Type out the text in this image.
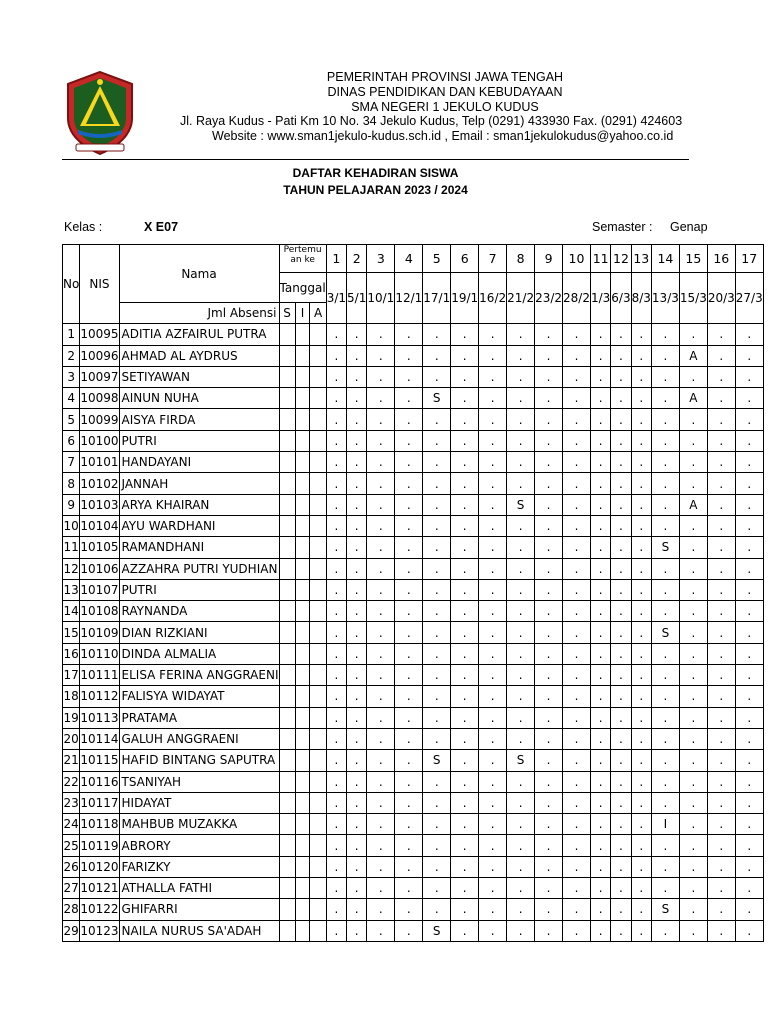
PEMERINTAH PROVINSI JAWA TENGAH
DINAS PENDIDIKAN DAN KEBUDAYAAN
SMA NEGERI 1 JEKULO KUDUS
Jl. Raya Kudus - Pati Km 10 No. 34 Jekulo Kudus, Telp (0291) 433930 Fax. (0291) 424603
Website : www.sman1jekulo-kudus.sch.id , Email : sman1jekulokudus@yahoo.co.id
Genap
DAFTAR KEHADIRAN SISWA
TAHUN PELAJARAN 2023 / 2024
Kelas :	X E07	Semaster :
No	NIS	Nama	Pertemu an ke			1	2	3	4	5	6	7	8	9	10	11	12	13	14	15	16	17
			Tanggal			3/1	5/1	10/1	12/1	17/1	19/1	16/2	21/2	23/2	28/2	1/3	6/3	8/3	13/3	15/3	20/3	27/3
		Jml Absensi	S	I	A																	
1	10095	ADITIA AZFAIRUL PUTRA				.	.	.	.	.	.	.	.	.	.	.	.	.	.	.	.	.
2	10096	AHMAD AL AYDRUS				.	.	.	.	.	.	.	.	.	.	.	.	.	.	A	.	.
3	10097	SETIYAWAN				.	.	.	.	.	.	.	.	.	.	.	.	.	.	.	.	.
4	10098	AINUN NUHA				.	.	.	.	S	.	.	.	.	.	.	.	.	.	A	.	.
5	10099	AISYA FIRDA				.	.	.	.	.	.	.	.	.	.	.	.	.	.	.	.	.
6	10100	PUTRI				.	.	.	.	.	.	.	.	.	.	.	.	.	.	.	.	.
7	10101	HANDAYANI				.	.	.	.	.	.	.	.	.	.	.	.	.	.	.	.	.
8	10102	JANNAH				.	.	.	.	.	.	.	.	.	.	.	.	.	.	.	.	.
9	10103	ARYA KHAIRAN				.	.	.	.	.	.	.	S	.	.	.	.	.	.	A	.	.
10	10104	AYU WARDHANI				.	.	.	.	.	.	.	.	.	.	.	.	.	.	.	.	.
11	10105	RAMANDHANI				.	.	.	.	.	.	.	.	.	.	.	.	.	S	.	.	.
12	10106	AZZAHRA PUTRI YUDHIAN				.	.	.	.	.	.	.	.	.	.	.	.	.	.	.	.	.
13	10107	PUTRI				.	.	.	.	.	.	.	.	.	.	.	.	.	.	.	.	.
14	10108	RAYNANDA				.	.	.	.	.	.	.	.	.	.	.	.	.	.	.	.	.
15	10109	DIAN RIZKIANI				.	.	.	.	.	.	.	.	.	.	.	.	.	S	.	.	.
16	10110	DINDA ALMALIA				.	.	.	.	.	.	.	.	.	.	.	.	.	.	.	.	.
17	10111	ELISA FERINA ANGGRAENI				.	.	.	.	.	.	.	.	.	.	.	.	.	.	.	.	.
18	10112	FALISYA WIDAYAT				.	.	.	.	.	.	.	.	.	.	.	.	.	.	.	.	.
19	10113	PRATAMA				.	.	.	.	.	.	.	.	.	.	.	.	.	.	.	.	.
20	10114	GALUH ANGGRAENI				.	.	.	.	.	.	.	.	.	.	.	.	.	.	.	.	.
21	10115	HAFID BINTANG SAPUTRA				.	.	.	.	S	.	.	S	.	.	.	.	.	.	.	.	.
22	10116	TSANIYAH				.	.	.	.	.	.	.	.	.	.	.	.	.	.	.	.	.
23	10117	HIDAYAT				.	.	.	.	.	.	.	.	.	.	.	.	.	.	.	.	.
24	10118	MAHBUB MUZAKKA				.	.	.	.	.	.	.	.	.	.	.	.	.	I	.	.	.
25	10119	ABRORY				.	.	.	.	.	.	.	.	.	.	.	.	.	.	.	.	.
26	10120	FARIZKY				.	.	.	.	.	.	.	.	.	.	.	.	.	.	.	.	.
27	10121	ATHALLA FATHI				.	.	.	.	.	.	.	.	.	.	.	.	.	.	.	.	.
28	10122	GHIFARRI				.	.	.	.	.	.	.	.	.	.	.	.	.	S	.	.	.
29	10123	NAILA NURUS SA'ADAH				.	.	.	.	S	.	.	.	.	.	.	.	.	.	.	.	.
